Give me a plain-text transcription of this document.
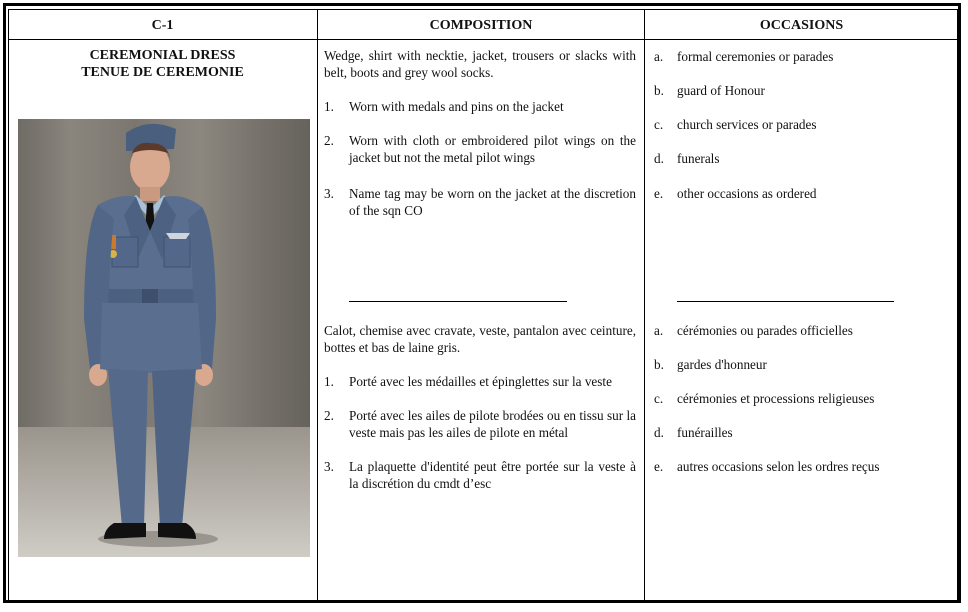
C-1	COMPOSITION	OCCASIONS
CEREMONIAL DRESS
TENUE DE CEREMONIE
Wedge, shirt with necktie, jacket, trousers or slacks with belt, boots and grey wool socks.
1. Worn with medals and pins on the jacket
2. Worn with cloth or embroidered pilot wings on the jacket but not the metal pilot wings
3. Name tag may be worn on the jacket at the discretion of the sqn CO
Calot, chemise avec cravate, veste, pantalon avec ceinture, bottes et bas de laine gris.
1. Porté avec les médailles et épinglettes sur la veste
2. Porté avec les ailes de pilote brodées ou en tissu sur la veste mais pas les ailes de pilote en métal
3. La plaquette d'identité peut être portée sur la veste à la discrétion du cmdt d’esc
a. formal ceremonies or parades
b. guard of Honour
c. church services or parades
d. funerals
e. other occasions as ordered
a. cérémonies ou parades officielles
b. gardes d'honneur
c. cérémonies et processions religieuses
d. funérailles
e. autres occasions selon les ordres reçus
